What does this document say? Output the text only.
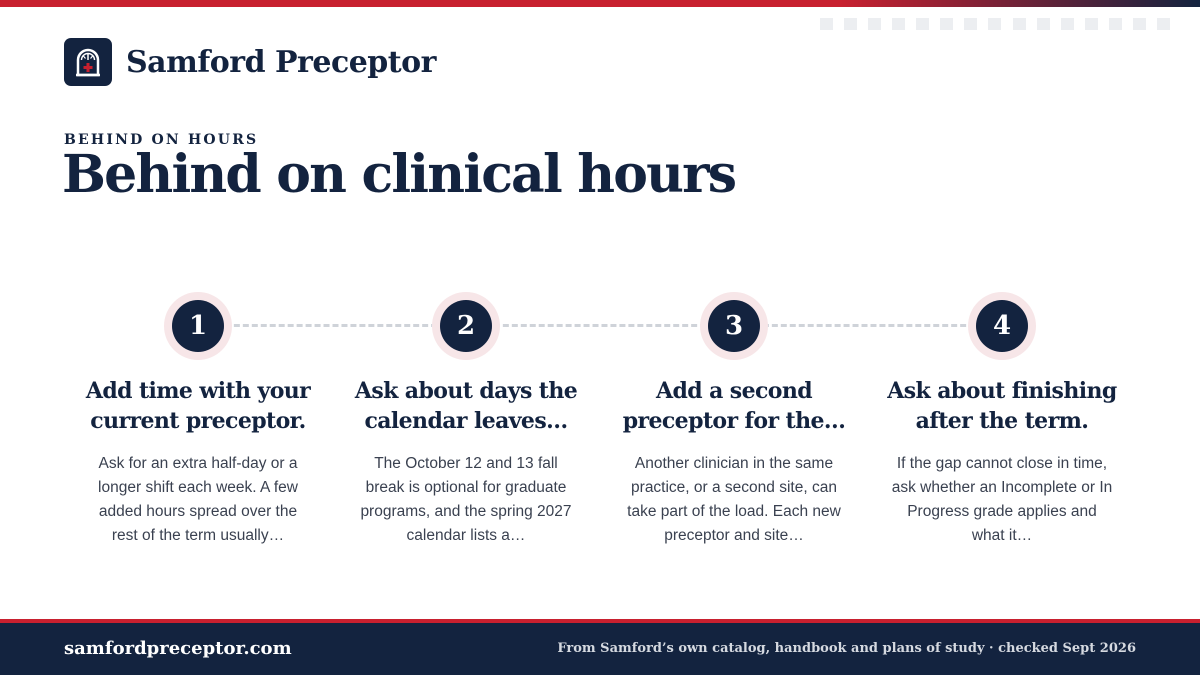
Samford Preceptor
BEHIND ON HOURS
Behind on clinical hours
1
Add time with your current preceptor.
Ask for an extra half-day or a longer shift each week. A few added hours spread over the rest of the term usually…
2
Ask about days the calendar leaves…
The October 12 and 13 fall break is optional for graduate programs, and the spring 2027 calendar lists a…
3
Add a second preceptor for the…
Another clinician in the same practice, or a second site, can take part of the load. Each new preceptor and site…
4
Ask about finishing after the term.
If the gap cannot close in time, ask whether an Incomplete or In Progress grade applies and what it…
samfordpreceptor.com	From Samford’s own catalog, handbook and plans of study · checked Sept 2026
